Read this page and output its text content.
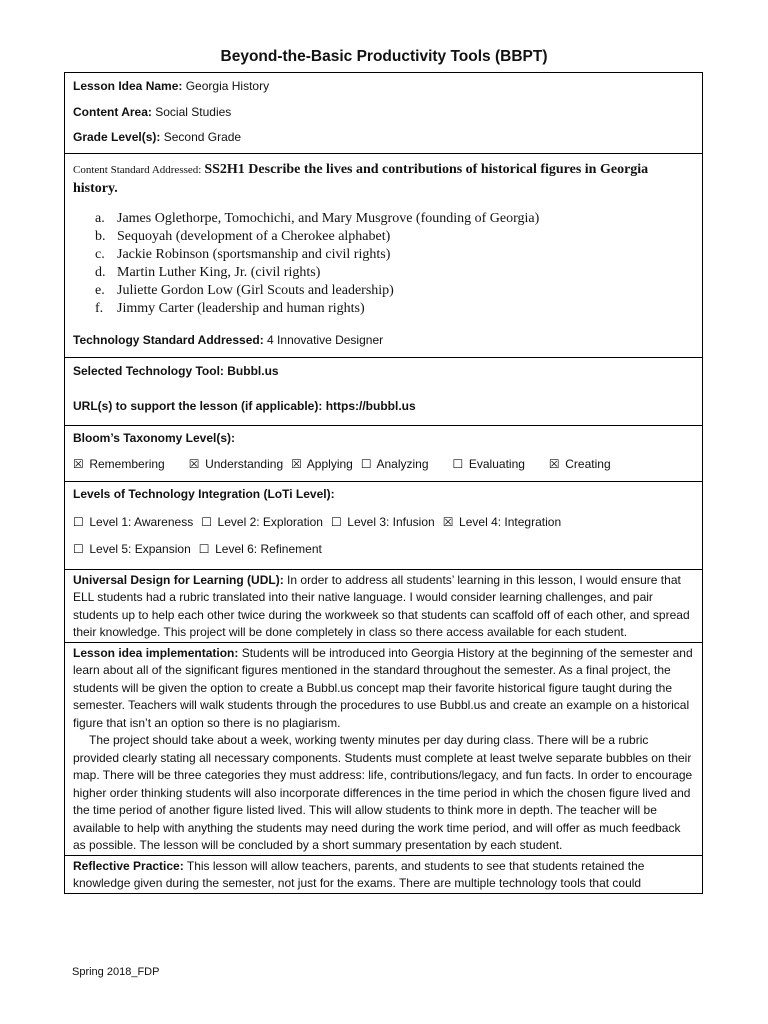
Beyond-the-Basic Productivity Tools (BBPT)
Lesson Idea Name: Georgia History
Content Area: Social Studies
Grade Level(s): Second Grade
Content Standard Addressed: SS2H1 Describe the lives and contributions of historical figures in Georgia history.
a. James Oglethorpe, Tomochichi, and Mary Musgrove (founding of Georgia)
b. Sequoyah (development of a Cherokee alphabet)
c. Jackie Robinson (sportsmanship and civil rights)
d. Martin Luther King, Jr. (civil rights)
e. Juliette Gordon Low (Girl Scouts and leadership)
f. Jimmy Carter (leadership and human rights)
Technology Standard Addressed: 4 Innovative Designer
Selected Technology Tool: Bubbl.us
URL(s) to support the lesson (if applicable): https://bubbl.us
Bloom’s Taxonomy Level(s):
☒ Remembering ☒ Understanding ☒ Applying ☐ Analyzing ☐ Evaluating ☒ Creating
Levels of Technology Integration (LoTi Level):
☐ Level 1: Awareness ☐ Level 2: Exploration ☐ Level 3: Infusion ☒ Level 4: Integration
☐ Level 5: Expansion ☐ Level 6: Refinement

Universal Design for Learning (UDL): In order to address all students’ learning in this lesson, I would ensure that ELL students had a rubric translated into their native language. I would consider learning challenges, and pair students up to help each other twice during the workweek so that students can scaffold off of each other, and spread their knowledge. This project will be done completely in class so there access available for each student.

Lesson idea implementation: Students will be introduced into Georgia History at the beginning of the semester and learn about all of the significant figures mentioned in the standard throughout the semester. As a final project, the students will be given the option to create a Bubbl.us concept map their favorite historical figure taught during the semester. Teachers will walk students through the procedures to use Bubbl.us and create an example on a historical figure that isn’t an option so there is no plagiarism.

The project should take about a week, working twenty minutes per day during class. There will be a rubric provided clearly stating all necessary components. Students must complete at least twelve separate bubbles on their map. There will be three categories they must address: life, contributions/legacy, and fun facts. In order to encourage higher order thinking students will also incorporate differences in the time period in which the chosen figure lived and the time period of another figure listed lived. This will allow students to think more in depth. The teacher will be available to help with anything the students may need during the work time period, and will offer as much feedback as possible. The lesson will be concluded by a short summary presentation by each student.

Reflective Practice: This lesson will allow teachers, parents, and students to see that students retained the knowledge given during the semester, not just for the exams. There are multiple technology tools that could

Spring 2018_FDP
